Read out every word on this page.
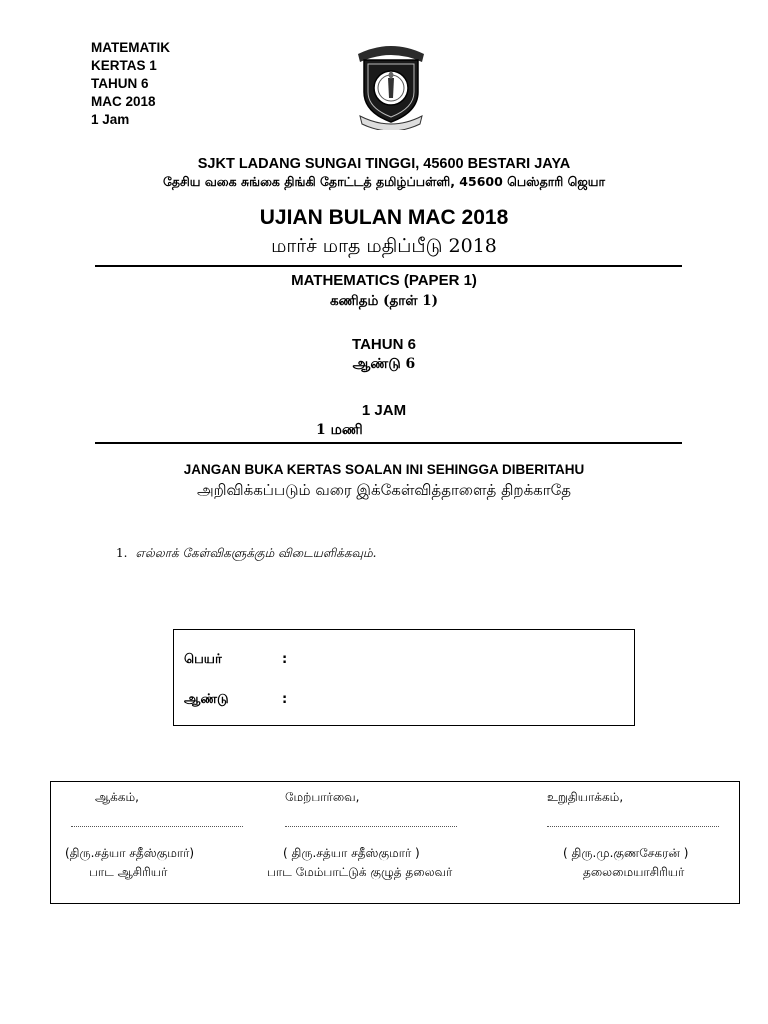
MATEMATIK
KERTAS 1
TAHUN 6
MAC 2018
1 Jam
SJKT LADANG SUNGAI TINGGI, 45600 BESTARI JAYA
தேசிய வகை சுங்கை திங்கி தோட்டத் தமிழ்ப்பள்ளி, 45600 பெஸ்தாரி ஜெயா
UJIAN BULAN MAC 2018
மார்ச் மாத மதிப்பீடு 2018
MATHEMATICS (PAPER 1)
கணிதம் (தாள் 1)
TAHUN 6
ஆண்டு 6
1 JAM
1 மணி
JANGAN BUKA KERTAS SOALAN INI SEHINGGA DIBERITAHU
அறிவிக்கப்படும் வரை இக்கேள்வித்தாளைத் திறக்காதே
1. எல்லாக் கேள்விகளுக்கும் விடையளிக்கவும்.
பெயர்	:
ஆண்டு	:
ஆக்கம்,
(திரு.சத்யா சதீஸ்குமார்)
பாட ஆசிரியர்
மேற்பார்வை,
( திரு.சத்யா சதீஸ்குமார் )
பாட மேம்பாட்டுக் குழுத் தலைவர்
உறுதியாக்கம்,
( திரு.மு.குணசேகரன் )
தலைமையாசிரியர்
